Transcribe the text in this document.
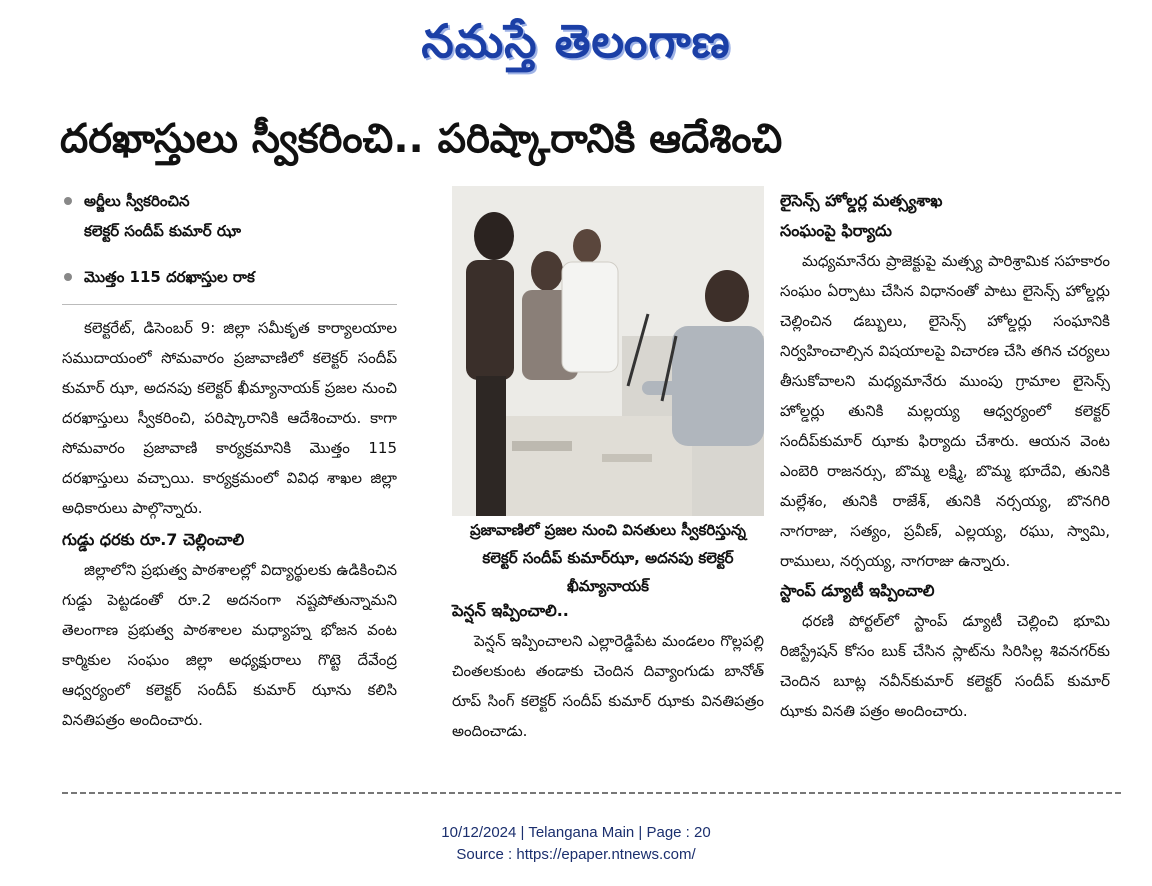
నమస్తే తెలంగాణ
దరఖాస్తులు స్వీకరించి.. పరిష్కారానికి ఆదేశించి
అర్జీలు స్వీకరించిన
కలెక్టర్ సందీప్ కుమార్ ఝా
మొత్తం 115 దరఖాస్తుల రాక

కలెక్టరేట్, డిసెంబర్ 9: జిల్లా సమీకృత కార్యాలయాల సముదాయంలో సోమవారం ప్రజావాణిలో కలెక్టర్ సందీప్ కుమార్ ఝా, అదనపు కలెక్టర్ ఖీమ్యానాయక్ ప్రజల నుంచి దరఖాస్తులు స్వీకరించి, పరిష్కారానికి ఆదేశించారు. కాగా సోమవారం ప్రజావాణి కార్యక్రమానికి మొత్తం 115 దరఖాస్తులు వచ్చాయి. కార్యక్రమంలో వివిధ శాఖల జిల్లా అధికారులు పాల్గొన్నారు.

గుడ్డు ధరకు రూ.7 చెల్లించాలి

జిల్లాలోని ప్రభుత్వ పాఠశాలల్లో విద్యార్థులకు ఉడికించిన గుడ్డు పెట్టడంతో రూ.2 అదనంగా నష్టపోతున్నామని తెలంగాణ ప్రభుత్వ పాఠశాలల మధ్యాహ్న భోజన వంట కార్మికుల సంఘం జిల్లా అధ్యక్షురాలు గొట్టె దేవేంద్ర ఆధ్వర్యంలో కలెక్టర్ సందీప్ కుమార్ ఝాను కలిసి వినతిపత్రం అందించారు.

ప్రజావాణిలో ప్రజల నుంచి వినతులు స్వీకరిస్తున్న కలెక్టర్ సందీప్ కుమార్‌ఝా, అదనపు కలెక్టర్ ఖీమ్యానాయక్

పెన్షన్ ఇప్పించాలి..

పెన్షన్ ఇప్పించాలని ఎల్లారెడ్డిపేట మండలం గొల్లపల్లి చింతలకుంట తండాకు చెందిన దివ్యాంగుడు బానోత్ రూప్ సింగ్ కలెక్టర్ సందీప్ కుమార్ ఝాకు వినతిపత్రం అందించాడు.

లైసెన్స్ హోల్డర్ల మత్స్యశాఖ
సంఘంపై ఫిర్యాదు

మధ్యమానేరు ప్రాజెక్టుపై మత్స్య పారిశ్రామిక సహకారం సంఘం ఏర్పాటు చేసిన విధానంతో పాటు లైసెన్స్ హోల్డర్లు చెల్లించిన డబ్బులు, లైసెన్స్ హోల్డర్లు సంఘానికి నిర్వహించాల్సిన విషయాలపై విచారణ చేసి తగిన చర్యలు తీసుకోవాలని మధ్యమానేరు ముంపు గ్రామాల లైసెన్స్ హోల్డర్లు తునికి మల్లయ్య ఆధ్వర్యంలో కలెక్టర్ సందీప్‌కుమార్ ఝాకు ఫిర్యాదు చేశారు. ఆయన వెంట ఎంబెరి రాజనర్సు, బొమ్మ లక్ష్మి, బొమ్మ భూదేవి, తునికి మల్లేశం, తునికి రాజేశ్, తునికి నర్సయ్య, బొనగిరి నాగరాజు, సత్యం, ప్రవీణ్, ఎల్లయ్య, రఘు, స్వామి, రాములు, నర్సయ్య, నాగరాజు ఉన్నారు.

స్టాంప్ డ్యూటీ ఇప్పించాలి

ధరణి పోర్టల్‌లో స్టాంప్ డ్యూటీ చెల్లించి భూమి రిజిస్ట్రేషన్ కోసం బుక్ చేసిన స్లాట్‌ను సిరిసిల్ల శివనగర్‌కు చెందిన బూట్ల నవీన్‌కుమార్ కలెక్టర్ సందీప్ కుమార్ ఝాకు వినతి పత్రం అందించారు.

10/12/2024 | Telangana Main | Page : 20
Source : https://epaper.ntnews.com/
